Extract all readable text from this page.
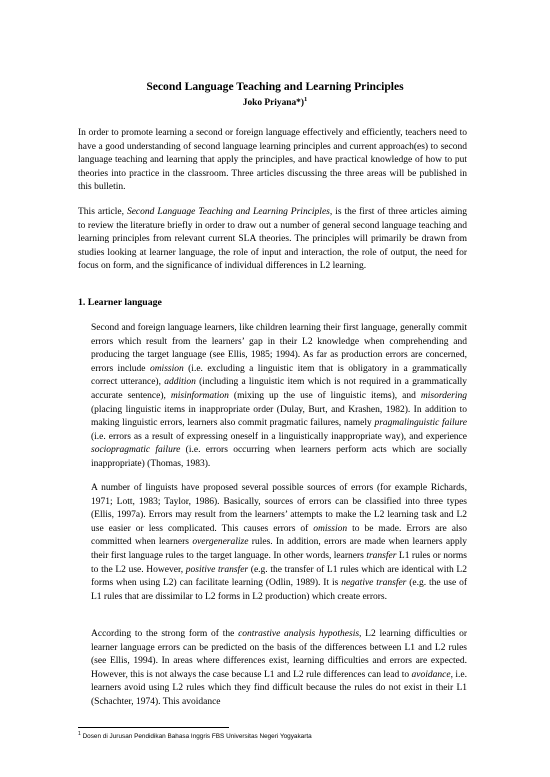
Second Language Teaching and Learning Principles
Joko Priyana*)$^1$

In order to promote learning a second or foreign language effectively and efficiently, teachers need to have a good understanding of second language learning principles and current approach(es) to second language teaching and learning that apply the principles, and have practical knowledge of how to put theories into practice in the classroom. Three articles discussing the three areas will be published in this bulletin.

This article, Second Language Teaching and Learning Principles, is the first of three articles aiming to review the literature briefly in order to draw out a number of general second language teaching and learning principles from relevant current SLA theories. The principles will primarily be drawn from studies looking at learner language, the role of input and interaction, the role of output, the need for focus on form, and the significance of individual differences in L2 learning.

1. Learner language

Second and foreign language learners, like children learning their first language, generally commit errors which result from the learners’ gap in their L2 knowledge when comprehending and producing the target language (see Ellis, 1985; 1994). As far as production errors are concerned, errors include omission (i.e. excluding a linguistic item that is obligatory in a grammatically correct utterance), addition (including a linguistic item which is not required in a grammatically accurate sentence), misinformation (mixing up the use of linguistic items), and misordering (placing linguistic items in inappropriate order (Dulay, Burt, and Krashen, 1982). In addition to making linguistic errors, learners also commit pragmatic failures, namely pragmalinguistic failure (i.e. errors as a result of expressing oneself in a linguistically inappropriate way), and experience sociopragmatic failure (i.e. errors occurring when learners perform acts which are socially inappropriate) (Thomas, 1983).

A number of linguists have proposed several possible sources of errors (for example Richards, 1971; Lott, 1983; Taylor, 1986). Basically, sources of errors can be classified into three types (Ellis, 1997a). Errors may result from the learners’ attempts to make the L2 learning task and L2 use easier or less complicated. This causes errors of omission to be made. Errors are also committed when learners overgeneralize rules. In addition, errors are made when learners apply their first language rules to the target language. In other words, learners transfer L1 rules or norms to the L2 use. However, positive transfer (e.g. the transfer of L1 rules which are identical with L2 forms when using L2) can facilitate learning (Odlin, 1989). It is negative transfer (e.g. the use of L1 rules that are dissimilar to L2 forms in L2 production) which create errors.

According to the strong form of the contrastive analysis hypothesis, L2 learning difficulties or learner language errors can be predicted on the basis of the differences between L1 and L2 rules (see Ellis, 1994). In areas where differences exist, learning difficulties and errors are expected. However, this is not always the case because L1 and L2 rule differences can lead to avoidance, i.e. learners avoid using L2 rules which they find difficult because the rules do not exist in their L1 (Schachter, 1974). This avoidance

$^1$ Dosen di Jurusan Pendidikan Bahasa Inggris FBS Universitas Negeri Yogyakarta
